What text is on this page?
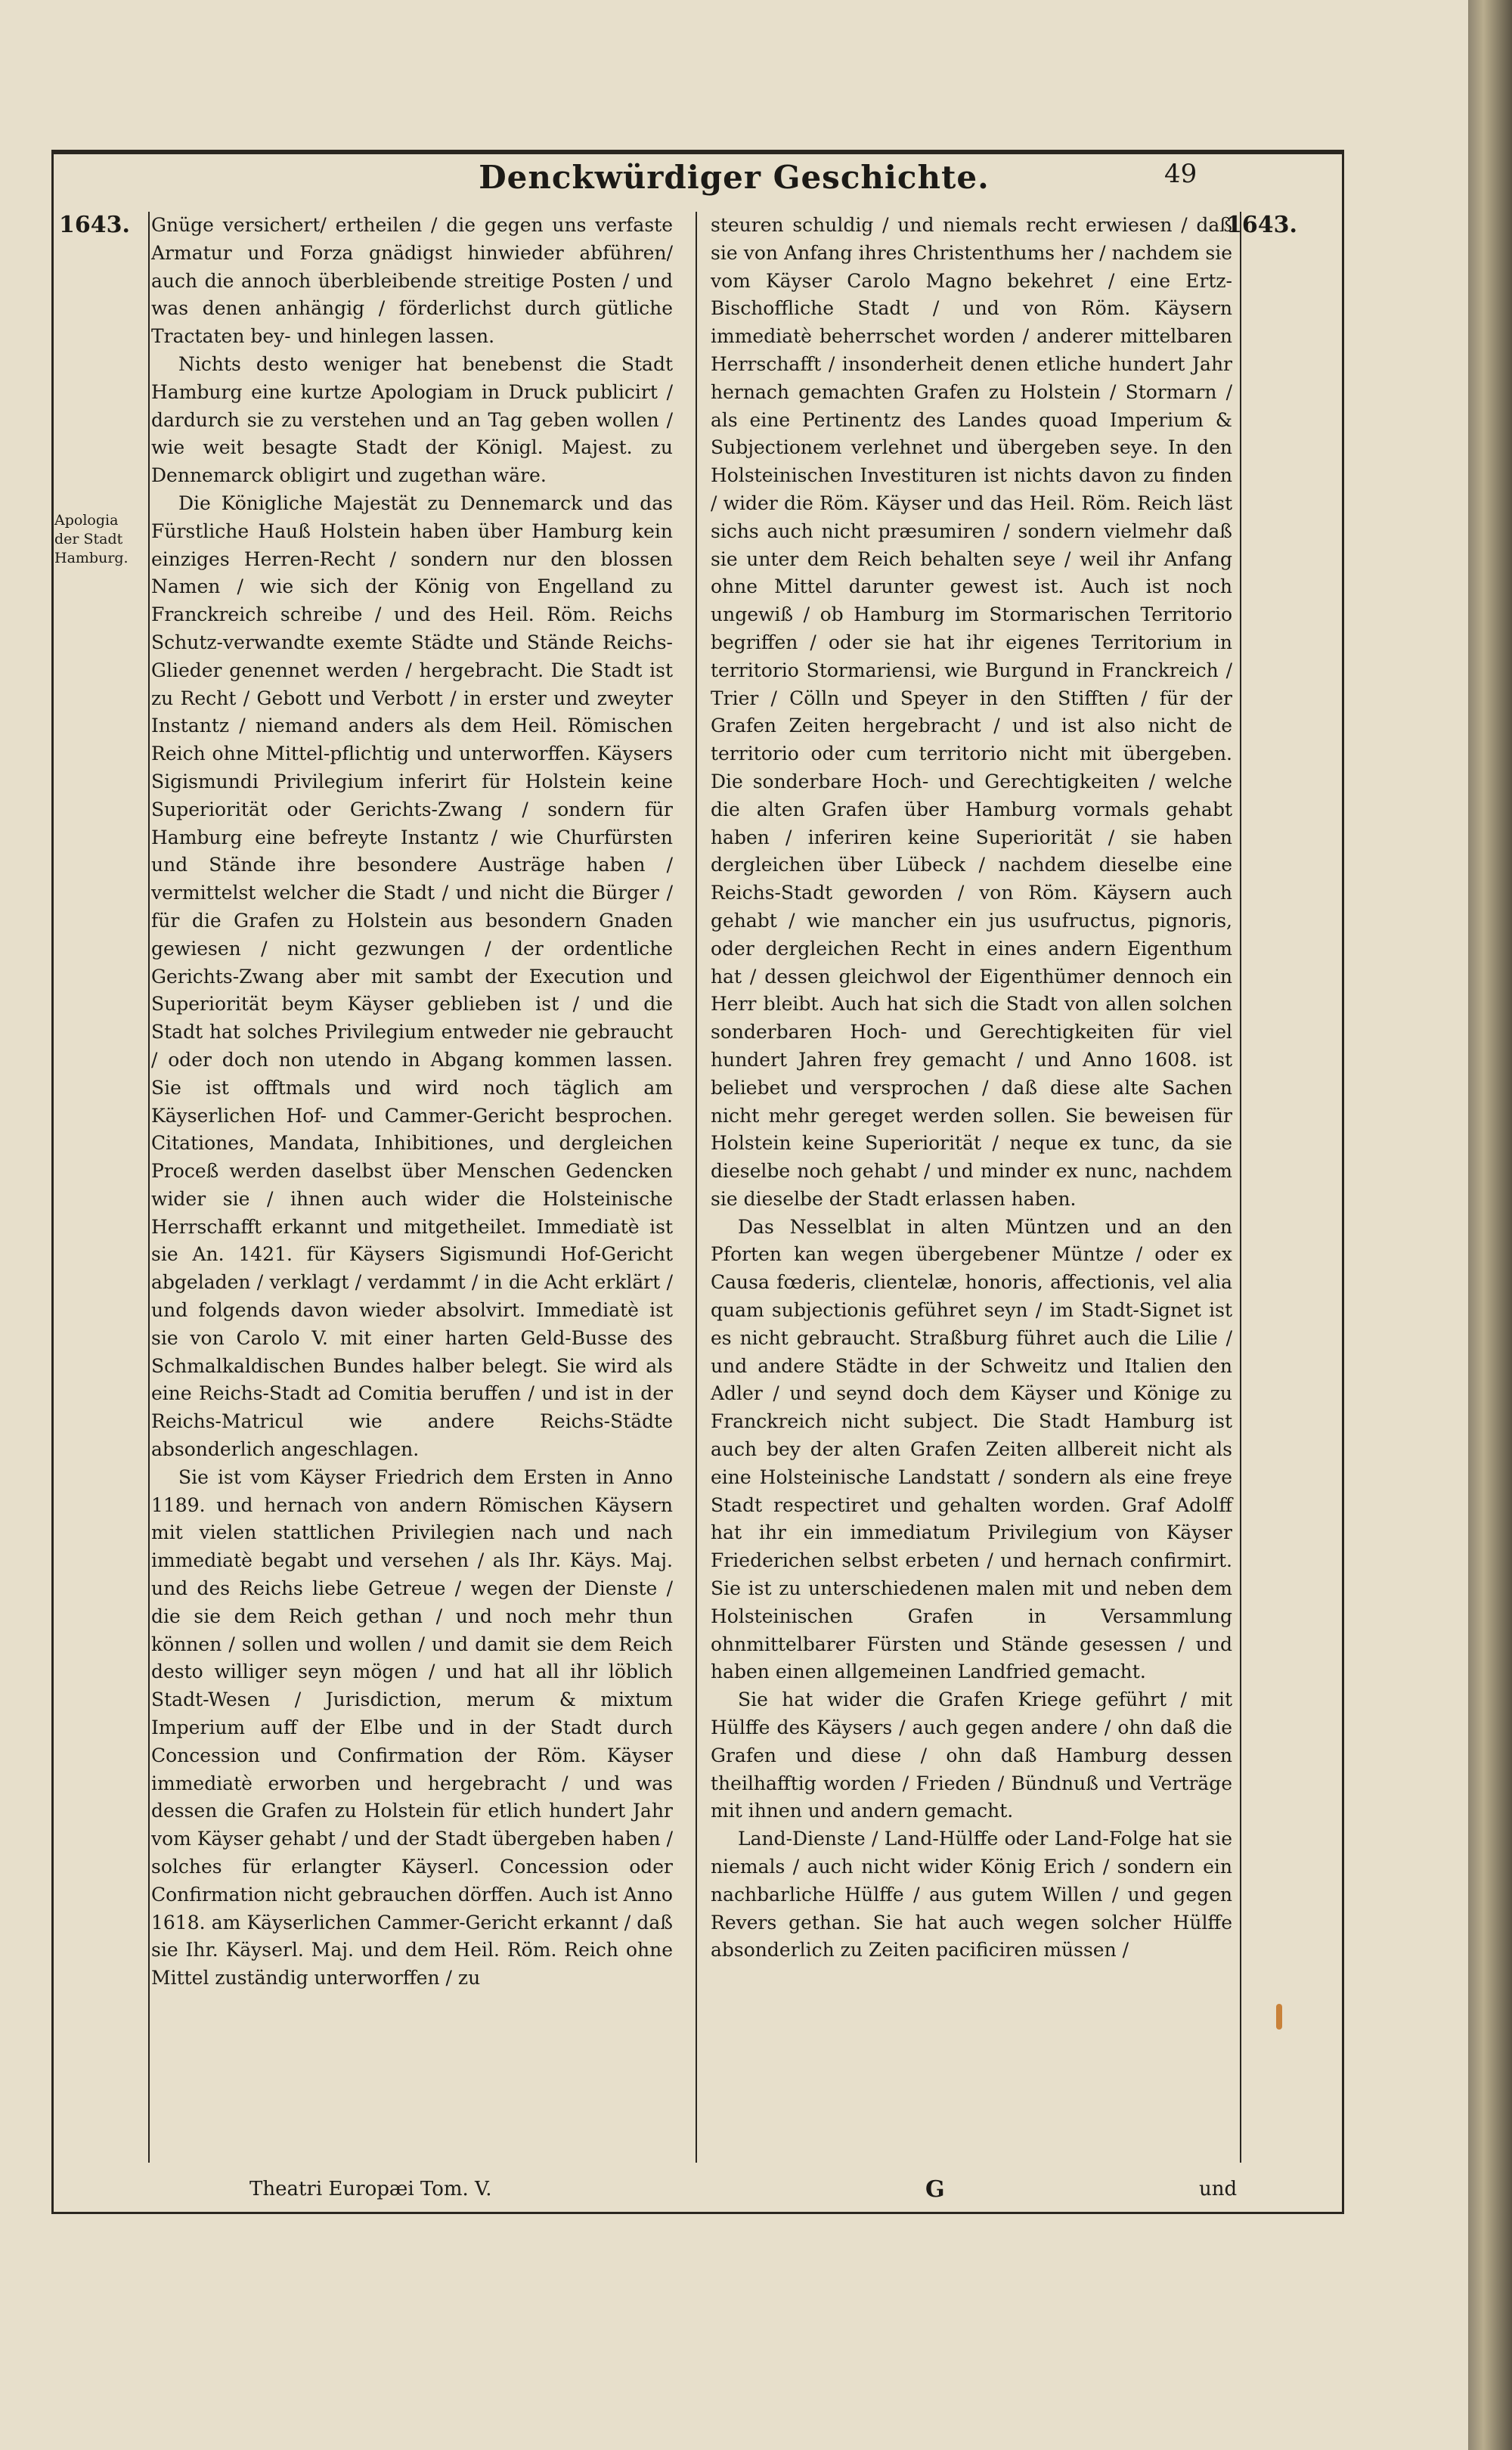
Denckwürdiger Geschichte.	49
1643.	1643.
Apologia der Stadt Hamburg.

Gnüge versichert/ ertheilen / die gegen uns verfaste Armatur und Forza gnädigst hinwieder abführen/ auch die annoch überbleibende streitige Posten / und was denen anhängig / förderlichst durch gütliche Tractaten bey- und hinlegen lassen.

Nichts desto weniger hat benebenst die Stadt Hamburg eine kurtze Apologiam in Druck publicirt / dardurch sie zu verstehen und an Tag geben wollen / wie weit besagte Stadt der Königl. Majest. zu Dennemarck obligirt und zugethan wäre.

Die Königliche Majestät zu Dennemarck und das Fürstliche Hauß Holstein haben über Hamburg kein einziges Herren-Recht / sondern nur den blossen Namen / wie sich der König von Engelland zu Franckreich schreibe / und des Heil. Röm. Reichs Schutz-verwandte exemte Städte und Stände Reichs-Glieder genennet werden / hergebracht. Die Stadt ist zu Recht / Gebott und Verbott / in erster und zweyter Instantz / niemand anders als dem Heil. Römischen Reich ohne Mittel-pflichtig und unterworffen. Käysers Sigismundi Privilegium inferirt für Holstein keine Superiorität oder Gerichts-Zwang / sondern für Hamburg eine befreyte Instantz / wie Churfürsten und Stände ihre besondere Austräge haben / vermittelst welcher die Stadt / und nicht die Bürger / für die Grafen zu Holstein aus besondern Gnaden gewiesen / nicht gezwungen / der ordentliche Gerichts-Zwang aber mit sambt der Execution und Superiorität beym Käyser geblieben ist / und die Stadt hat solches Privilegium entweder nie gebraucht / oder doch non utendo in Abgang kommen lassen. Sie ist offtmals und wird noch täglich am Käyserlichen Hof- und Cammer-Gericht besprochen. Citationes, Mandata, Inhibitiones, und dergleichen Proceß werden daselbst über Menschen Gedencken wider sie / ihnen auch wider die Holsteinische Herrschafft erkannt und mitgetheilet. Immediatè ist sie An. 1421. für Käysers Sigismundi Hof-Gericht abgeladen / verklagt / verdammt / in die Acht erklärt / und folgends davon wieder absolvirt. Immediatè ist sie von Carolo V. mit einer harten Geld-Busse des Schmalkaldischen Bundes halber belegt. Sie wird als eine Reichs-Stadt ad Comitia beruffen / und ist in der Reichs-Matricul wie andere Reichs-Städte absonderlich angeschlagen.

Sie ist vom Käyser Friedrich dem Ersten in Anno 1189. und hernach von andern Römischen Käysern mit vielen stattlichen Privilegien nach und nach immediatè begabt und versehen / als Ihr. Käys. Maj. und des Reichs liebe Getreue / wegen der Dienste / die sie dem Reich gethan / und noch mehr thun können / sollen und wollen / und damit sie dem Reich desto williger seyn mögen / und hat all ihr löblich Stadt-Wesen / Jurisdiction, merum & mixtum Imperium auff der Elbe und in der Stadt durch Concession und Confirmation der Röm. Käyser immediatè erworben und hergebracht / und was dessen die Grafen zu Holstein für etlich hundert Jahr vom Käyser gehabt / und der Stadt übergeben haben / solches für erlangter Käyserl. Concession oder Confirmation nicht gebrauchen dörffen. Auch ist Anno 1618. am Käyserlichen Cammer-Gericht erkannt / daß sie Ihr. Käyserl. Maj. und dem Heil. Röm. Reich ohne Mittel zuständig unterworffen / zu

steuren schuldig / und niemals recht erwiesen / daß sie von Anfang ihres Christenthums her / nachdem sie vom Käyser Carolo Magno bekehret / eine Ertz-Bischoffliche Stadt / und von Röm. Käysern immediatè beherrschet worden / anderer mittelbaren Herrschafft / insonderheit denen etliche hundert Jahr hernach gemachten Grafen zu Holstein / Stormarn / als eine Pertinentz des Landes quoad Imperium & Subjectionem verlehnet und übergeben seye. In den Holsteinischen Investituren ist nichts davon zu finden / wider die Röm. Käyser und das Heil. Röm. Reich läst sichs auch nicht præsumiren / sondern vielmehr daß sie unter dem Reich behalten seye / weil ihr Anfang ohne Mittel darunter gewest ist. Auch ist noch ungewiß / ob Hamburg im Stormarischen Territorio begriffen / oder sie hat ihr eigenes Territorium in territorio Stormariensi, wie Burgund in Franckreich / Trier / Cölln und Speyer in den Stifften / für der Grafen Zeiten hergebracht / und ist also nicht de territorio oder cum territorio nicht mit übergeben. Die sonderbare Hoch- und Gerechtigkeiten / welche die alten Grafen über Hamburg vormals gehabt haben / inferiren keine Superiorität / sie haben dergleichen über Lübeck / nachdem dieselbe eine Reichs-Stadt geworden / von Röm. Käysern auch gehabt / wie mancher ein jus usufructus, pignoris, oder dergleichen Recht in eines andern Eigenthum hat / dessen gleichwol der Eigenthümer dennoch ein Herr bleibt. Auch hat sich die Stadt von allen solchen sonderbaren Hoch- und Gerechtigkeiten für viel hundert Jahren frey gemacht / und Anno 1608. ist beliebet und versprochen / daß diese alte Sachen nicht mehr gereget werden sollen. Sie beweisen für Holstein keine Superiorität / neque ex tunc, da sie dieselbe noch gehabt / und minder ex nunc, nachdem sie dieselbe der Stadt erlassen haben.

Das Nesselblat in alten Müntzen und an den Pforten kan wegen übergebener Müntze / oder ex Causa fœderis, clientelæ, honoris, affectionis, vel alia quam subjectionis geführet seyn / im Stadt-Signet ist es nicht gebraucht. Straßburg führet auch die Lilie / und andere Städte in der Schweitz und Italien den Adler / und seynd doch dem Käyser und Könige zu Franckreich nicht subject. Die Stadt Hamburg ist auch bey der alten Grafen Zeiten allbereit nicht als eine Holsteinische Landstatt / sondern als eine freye Stadt respectiret und gehalten worden. Graf Adolff hat ihr ein immediatum Privilegium von Käyser Friederichen selbst erbeten / und hernach confirmirt. Sie ist zu unterschiedenen malen mit und neben dem Holsteinischen Grafen in Versammlung ohnmittelbarer Fürsten und Stände gesessen / und haben einen allgemeinen Landfried gemacht.

Sie hat wider die Grafen Kriege geführt / mit Hülffe des Käysers / auch gegen andere / ohn daß die Grafen und diese / ohn daß Hamburg dessen theilhafftig worden / Frieden / Bündnuß und Verträge mit ihnen und andern gemacht.

Land-Dienste / Land-Hülffe oder Land-Folge hat sie niemals / auch nicht wider König Erich / sondern ein nachbarliche Hülffe / aus gutem Willen / und gegen Revers gethan. Sie hat auch wegen solcher Hülffe absonderlich zu Zeiten pacificiren müssen /

Theatri Europæi Tom. V.	G	und
